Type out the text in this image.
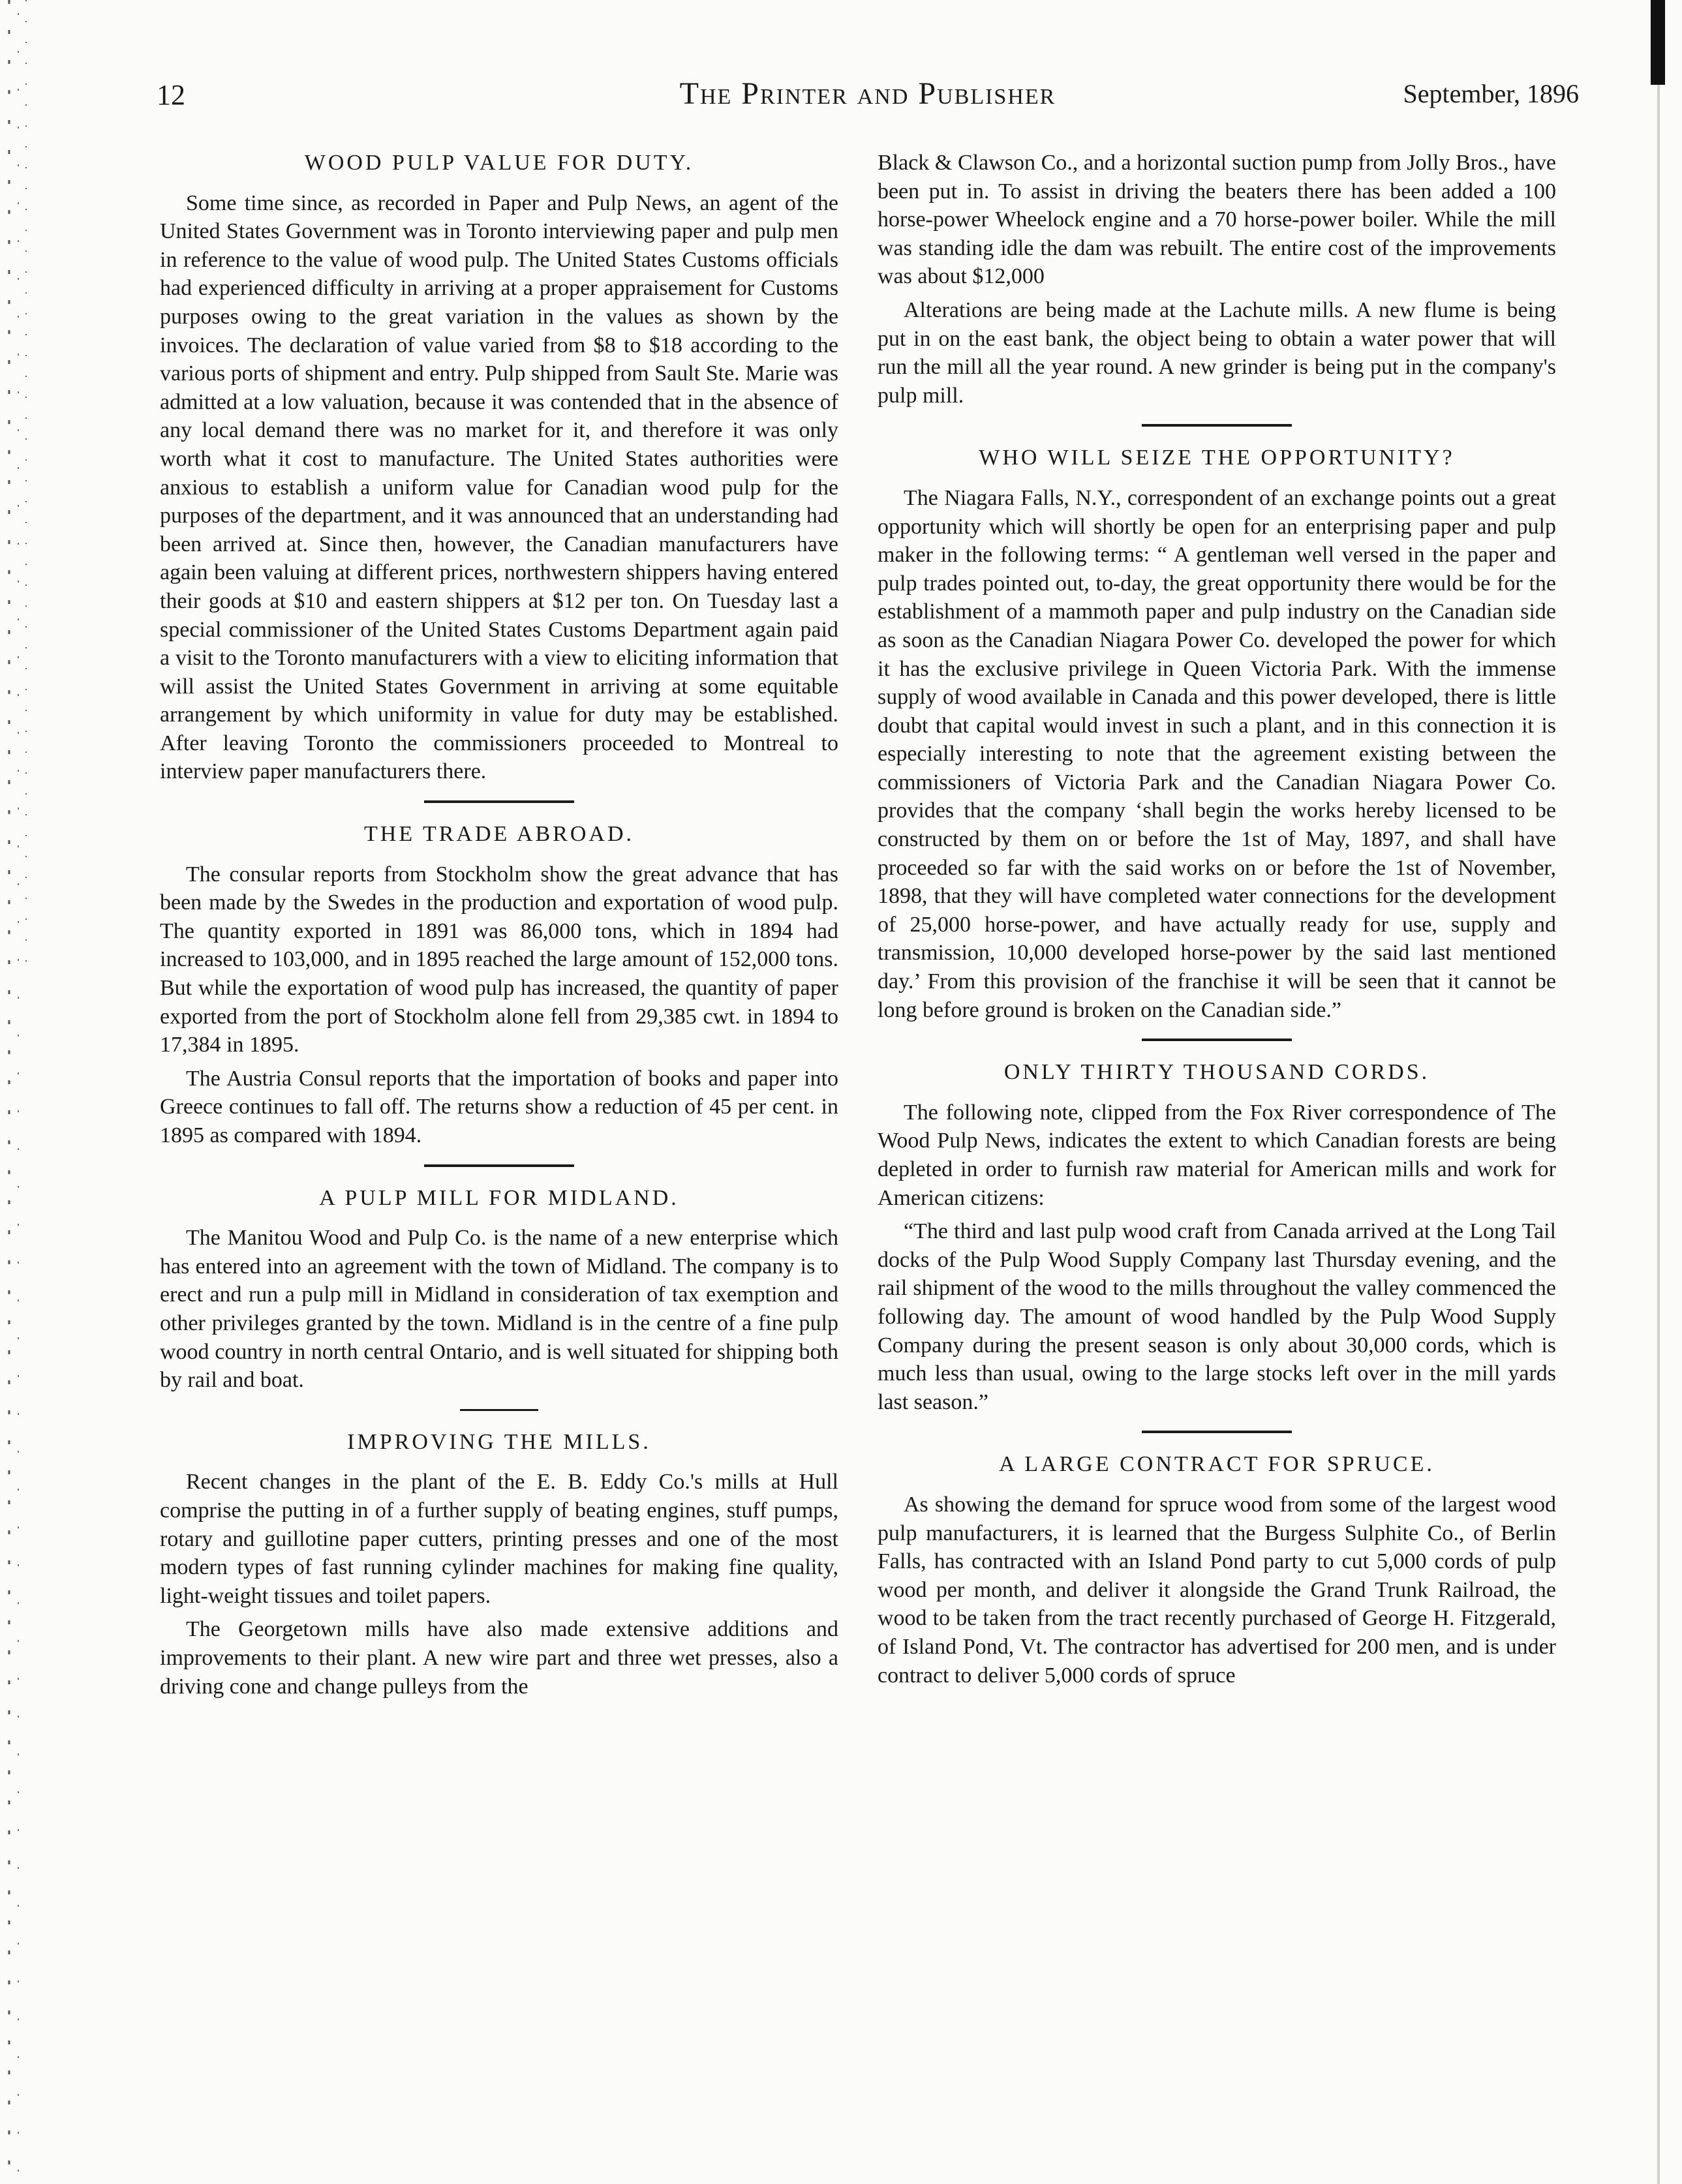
12	The Printer and Publisher	September, 1896
WOOD PULP VALUE FOR DUTY.

Some time since, as recorded in Paper and Pulp News, an agent of the United States Government was in Toronto interviewing paper and pulp men in reference to the value of wood pulp. The United States Customs officials had experienced difficulty in arriving at a proper appraisement for Customs purposes owing to the great variation in the values as shown by the invoices. The declaration of value varied from $8 to $18 according to the various ports of shipment and entry. Pulp shipped from Sault Ste. Marie was admitted at a low valuation, because it was contended that in the absence of any local demand there was no market for it, and therefore it was only worth what it cost to manufacture. The United States authorities were anxious to establish a uniform value for Canadian wood pulp for the purposes of the department, and it was announced that an understanding had been arrived at. Since then, however, the Canadian manufacturers have again been valuing at different prices, northwestern shippers having entered their goods at $10 and eastern shippers at $12 per ton. On Tuesday last a special commissioner of the United States Customs Department again paid a visit to the Toronto manufacturers with a view to eliciting information that will assist the United States Government in arriving at some equitable arrangement by which uniformity in value for duty may be established. After leaving Toronto the commissioners proceeded to Montreal to interview paper manufacturers there.

THE TRADE ABROAD.

The consular reports from Stockholm show the great advance that has been made by the Swedes in the production and exportation of wood pulp. The quantity exported in 1891 was 86,000 tons, which in 1894 had increased to 103,000, and in 1895 reached the large amount of 152,000 tons. But while the exportation of wood pulp has increased, the quantity of paper exported from the port of Stockholm alone fell from 29,385 cwt. in 1894 to 17,384 in 1895.

The Austria Consul reports that the importation of books and paper into Greece continues to fall off. The returns show a reduction of 45 per cent. in 1895 as compared with 1894.

A PULP MILL FOR MIDLAND.

The Manitou Wood and Pulp Co. is the name of a new enterprise which has entered into an agreement with the town of Midland. The company is to erect and run a pulp mill in Midland in consideration of tax exemption and other privileges granted by the town. Midland is in the centre of a fine pulp wood country in north central Ontario, and is well situated for shipping both by rail and boat.

IMPROVING THE MILLS.

Recent changes in the plant of the E. B. Eddy Co.'s mills at Hull comprise the putting in of a further supply of beating engines, stuff pumps, rotary and guillotine paper cutters, printing presses and one of the most modern types of fast running cylinder machines for making fine quality, light-weight tissues and toilet papers.

The Georgetown mills have also made extensive additions and improvements to their plant. A new wire part and three wet presses, also a driving cone and change pulleys from the

Black & Clawson Co., and a horizontal suction pump from Jolly Bros., have been put in. To assist in driving the beaters there has been added a 100 horse-power Wheelock engine and a 70 horse-power boiler. While the mill was standing idle the dam was rebuilt. The entire cost of the improvements was about $12,000

Alterations are being made at the Lachute mills. A new flume is being put in on the east bank, the object being to obtain a water power that will run the mill all the year round. A new grinder is being put in the company's pulp mill.

WHO WILL SEIZE THE OPPORTUNITY?

The Niagara Falls, N.Y., correspondent of an exchange points out a great opportunity which will shortly be open for an enterprising paper and pulp maker in the following terms: “ A gentleman well versed in the paper and pulp trades pointed out, to-day, the great opportunity there would be for the establishment of a mammoth paper and pulp industry on the Canadian side as soon as the Canadian Niagara Power Co. developed the power for which it has the exclusive privilege in Queen Victoria Park. With the immense supply of wood available in Canada and this power developed, there is little doubt that capital would invest in such a plant, and in this connection it is especially interesting to note that the agreement existing between the commissioners of Victoria Park and the Canadian Niagara Power Co. provides that the company ‘shall begin the works hereby licensed to be constructed by them on or before the 1st of May, 1897, and shall have proceeded so far with the said works on or before the 1st of November, 1898, that they will have completed water connections for the development of 25,000 horse-power, and have actually ready for use, supply and transmission, 10,000 developed horse-power by the said last mentioned day.’ From this provision of the franchise it will be seen that it cannot be long before ground is broken on the Canadian side.”

ONLY THIRTY THOUSAND CORDS.

The following note, clipped from the Fox River correspondence of The Wood Pulp News, indicates the extent to which Canadian forests are being depleted in order to furnish raw material for American mills and work for American citizens:

“The third and last pulp wood craft from Canada arrived at the Long Tail docks of the Pulp Wood Supply Company last Thursday evening, and the rail shipment of the wood to the mills throughout the valley commenced the following day. The amount of wood handled by the Pulp Wood Supply Company during the present season is only about 30,000 cords, which is much less than usual, owing to the large stocks left over in the mill yards last season.”

A LARGE CONTRACT FOR SPRUCE.

As showing the demand for spruce wood from some of the largest wood pulp manufacturers, it is learned that the Burgess Sulphite Co., of Berlin Falls, has contracted with an Island Pond party to cut 5,000 cords of pulp wood per month, and deliver it alongside the Grand Trunk Railroad, the wood to be taken from the tract recently purchased of George H. Fitzgerald, of Island Pond, Vt. The contractor has advertised for 200 men, and is under contract to deliver 5,000 cords of spruce
